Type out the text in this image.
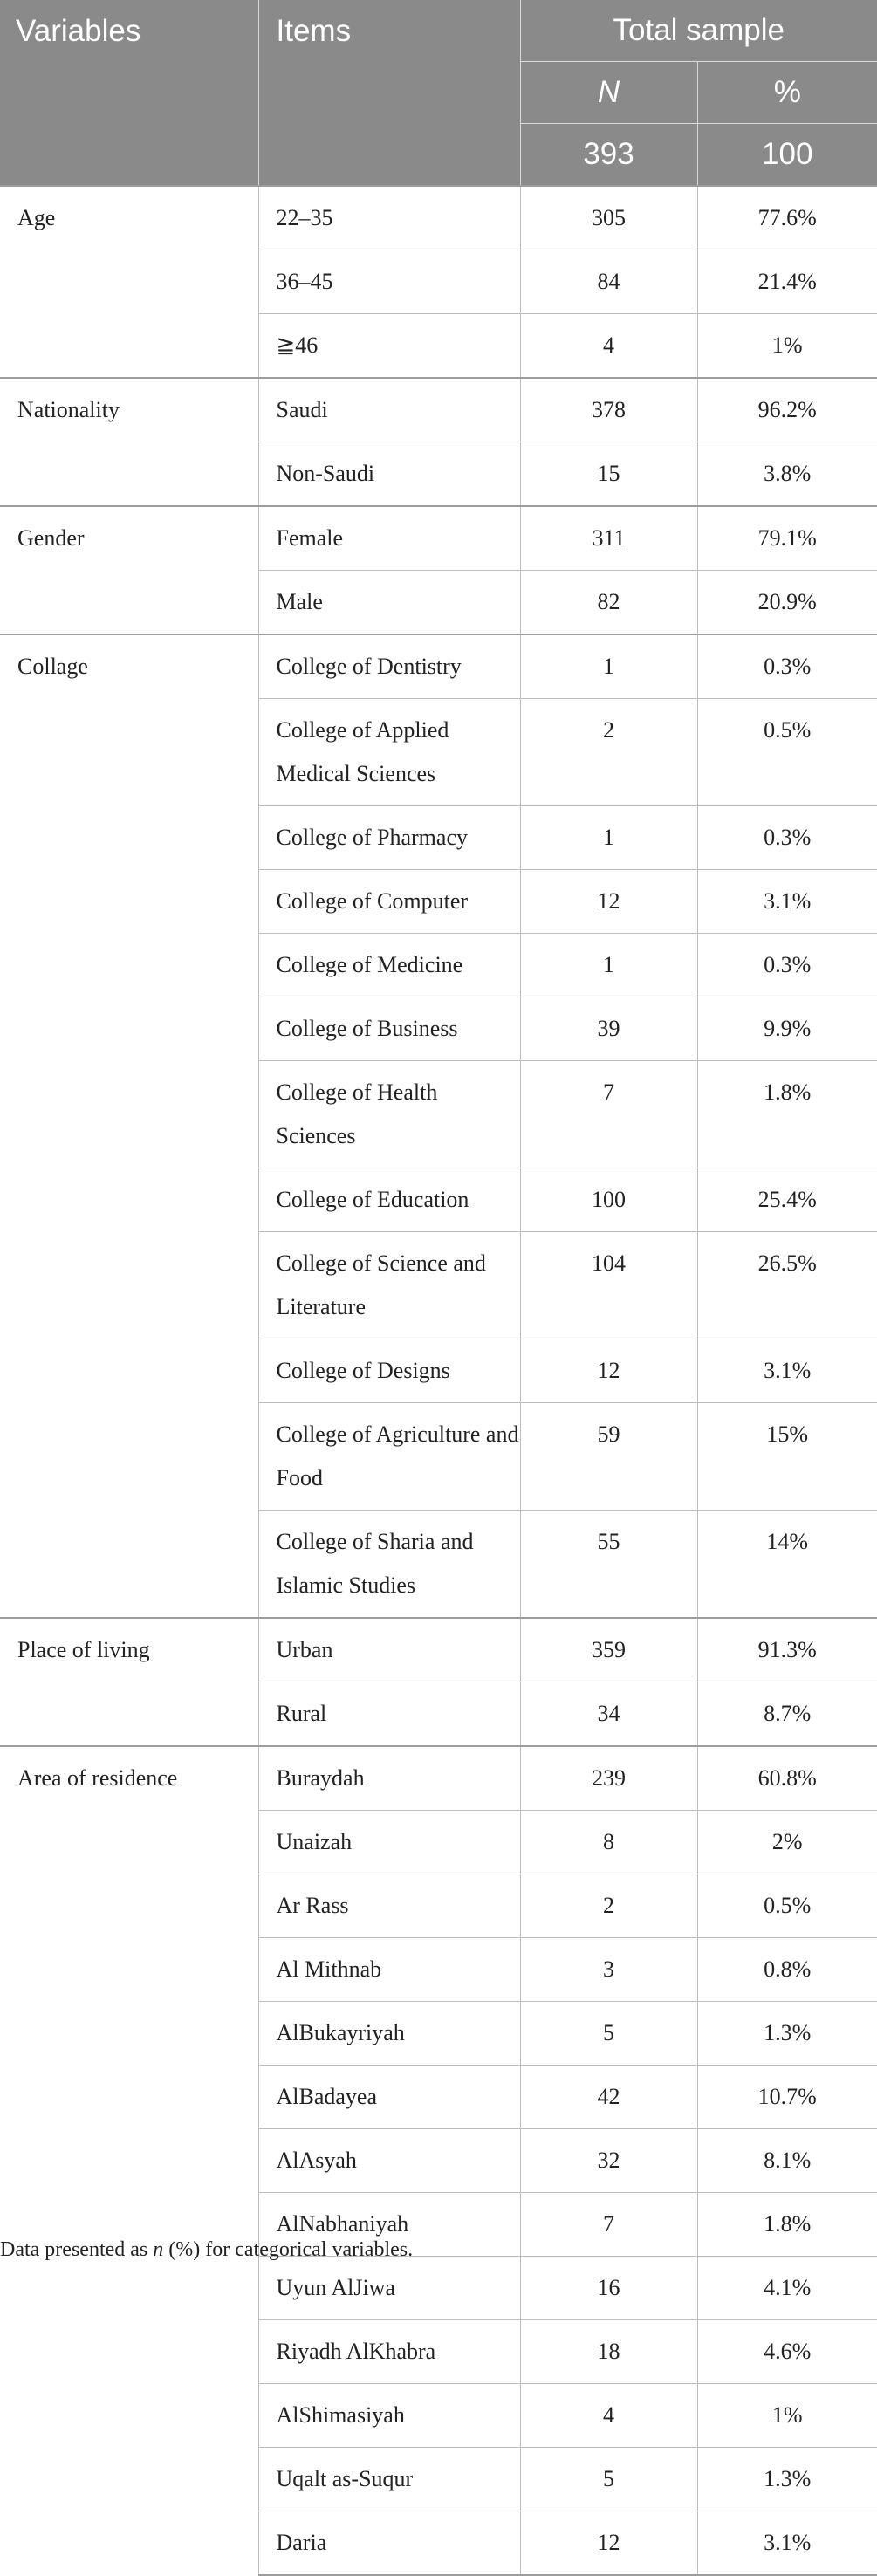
Variables	Items	Total sample	
		N	%
		393	100
Age	22–35	305	77.6%
	36–45	84	21.4%
	≧46	4	1%
Nationality	Saudi	378	96.2%
	Non-Saudi	15	3.8%
Gender	Female	311	79.1%
	Male	82	20.9%
Collage	College of Dentistry	1	0.3%
	College of Applied Medical Sciences	2	0.5%
	College of Pharmacy	1	0.3%
	College of Computer	12	3.1%
	College of Medicine	1	0.3%
	College of Business	39	9.9%
	College of Health Sciences	7	1.8%
	College of Education	100	25.4%
	College of Science and Literature	104	26.5%
	College of Designs	12	3.1%
	College of Agriculture and Food	59	15%
	College of Sharia and Islamic Studies	55	14%
Place of living	Urban	359	91.3%
	Rural	34	8.7%
Area of residence	Buraydah	239	60.8%
	Unaizah	8	2%
	Ar Rass	2	0.5%
	Al Mithnab	3	0.8%
	AlBukayriyah	5	1.3%
	AlBadayea	42	10.7%
	AlAsyah	32	8.1%
	AlNabhaniyah	7	1.8%
	Uyun AlJiwa	16	4.1%
	Riyadh AlKhabra	18	4.6%
	AlShimasiyah	4	1%
	Uqalt as-Suqur	5	1.3%
	Daria	12	3.1%
Data presented as n (%) for categorical variables.
